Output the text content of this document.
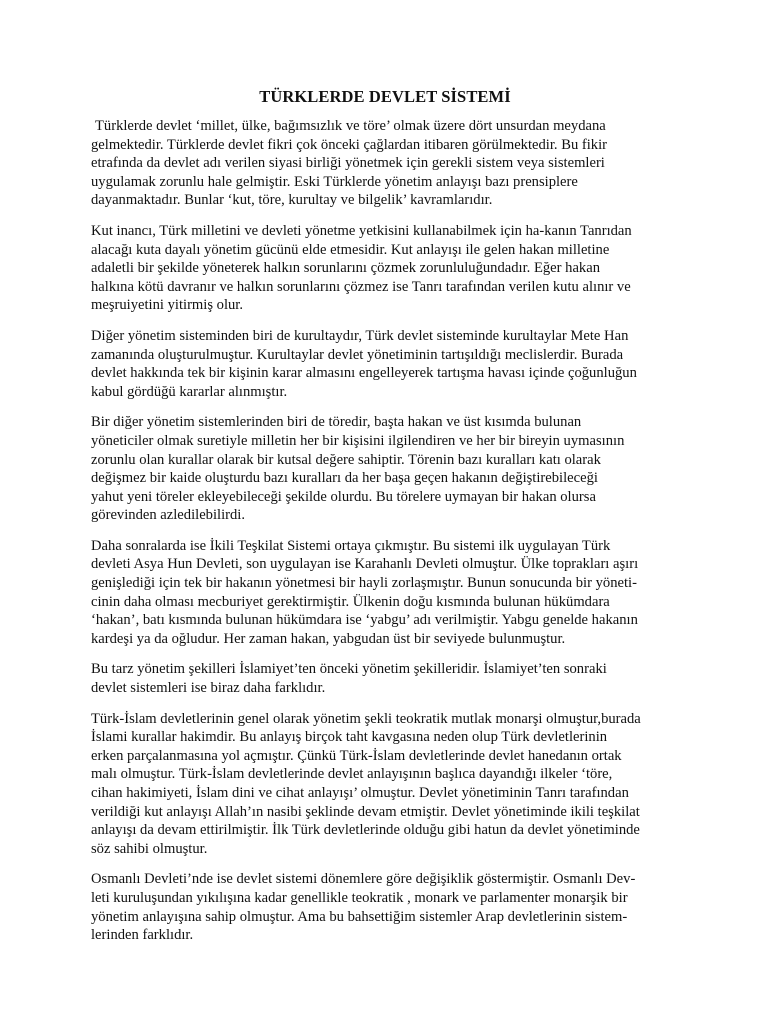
TÜRKLERDE DEVLET SİSTEMİ

Türklerde devlet ‘millet, ülke, bağımsızlık ve töre’ olmak üzere dört unsurdan meydana
gelmektedir. Türklerde devlet fikri çok önceki çağlardan itibaren görülmektedir. Bu fikir
etrafında da devlet adı verilen siyasi birliği yönetmek için gerekli sistem veya sistemleri
uygulamak zorunlu hale gelmiştir. Eski Türklerde yönetim anlayışı bazı prensiplere
dayanmaktadır. Bunlar ‘kut, töre, kurultay ve bilgelik’ kavramlarıdır.

Kut inancı, Türk milletini ve devleti yönetme yetkisini kullanabilmek için ha-kanın Tanrıdan
alacağı kuta dayalı yönetim gücünü elde etmesidir. Kut anlayışı ile gelen hakan milletine
adaletli bir şekilde yöneterek halkın sorunlarını çözmek zorunluluğundadır. Eğer hakan
halkına kötü davranır ve halkın sorunlarını çözmez ise Tanrı tarafından verilen kutu alınır ve
meşruiyetini yitirmiş olur.

Diğer yönetim sisteminden biri de kurultaydır, Türk devlet sisteminde kurultaylar Mete Han
zamanında oluşturulmuştur. Kurultaylar devlet yönetiminin tartışıldığı meclislerdir. Burada
devlet hakkında tek bir kişinin karar almasını engelleyerek tartışma havası içinde çoğunluğun
kabul gördüğü kararlar alınmıştır.

Bir diğer yönetim sistemlerinden biri de töredir, başta hakan ve üst kısımda bulunan
yöneticiler olmak suretiyle milletin her bir kişisini ilgilendiren ve her bir bireyin uymasının
zorunlu olan kurallar olarak bir kutsal değere sahiptir. Törenin bazı kuralları katı olarak
değişmez bir kaide oluşturdu bazı kuralları da her başa geçen hakanın değiştirebileceği
yahut yeni töreler ekleyebileceği şekilde olurdu. Bu törelere uymayan bir hakan olursa
görevinden azledilebilirdi.

Daha sonralarda ise İkili Teşkilat Sistemi ortaya çıkmıştır. Bu sistemi ilk uygulayan Türk
devleti Asya Hun Devleti, son uygulayan ise Karahanlı Devleti olmuştur. Ülke toprakları aşırı
genişlediği için tek bir hakanın yönetmesi bir hayli zorlaşmıştır. Bunun sonucunda bir yöneti-
cinin daha olması mecburiyet gerektirmiştir. Ülkenin doğu kısmında bulunan hükümdara
‘hakan’, batı kısmında bulunan hükümdara ise ‘yabgu’ adı verilmiştir. Yabgu genelde hakanın
kardeşi ya da oğludur. Her zaman hakan, yabgudan üst bir seviyede bulunmuştur.

Bu tarz yönetim şekilleri İslamiyet’ten önceki yönetim şekilleridir. İslamiyet’ten sonraki
devlet sistemleri ise biraz daha farklıdır.

Türk-İslam devletlerinin genel olarak yönetim şekli teokratik mutlak monarşi olmuştur,burada
İslami kurallar hakimdir. Bu anlayış birçok taht kavgasına neden olup Türk devletlerinin
erken parçalanmasına yol açmıştır. Çünkü Türk-İslam devletlerinde devlet hanedanın ortak
malı olmuştur. Türk-İslam devletlerinde devlet anlayışının başlıca dayandığı ilkeler ‘töre,
cihan hakimiyeti, İslam dini ve cihat anlayışı’ olmuştur. Devlet yönetiminin Tanrı tarafından
verildiği kut anlayışı Allah’ın nasibi şeklinde devam etmiştir. Devlet yönetiminde ikili teşkilat
anlayışı da devam ettirilmiştir. İlk Türk devletlerinde olduğu gibi hatun da devlet yönetiminde
söz sahibi olmuştur.

Osmanlı Devleti’nde ise devlet sistemi dönemlere göre değişiklik göstermiştir. Osmanlı Dev-
leti kuruluşundan yıkılışına kadar genellikle teokratik , monark ve parlamenter monarşik bir
yönetim anlayışına sahip olmuştur. Ama bu bahsettiğim sistemler Arap devletlerinin sistem-
lerinden farklıdır.
